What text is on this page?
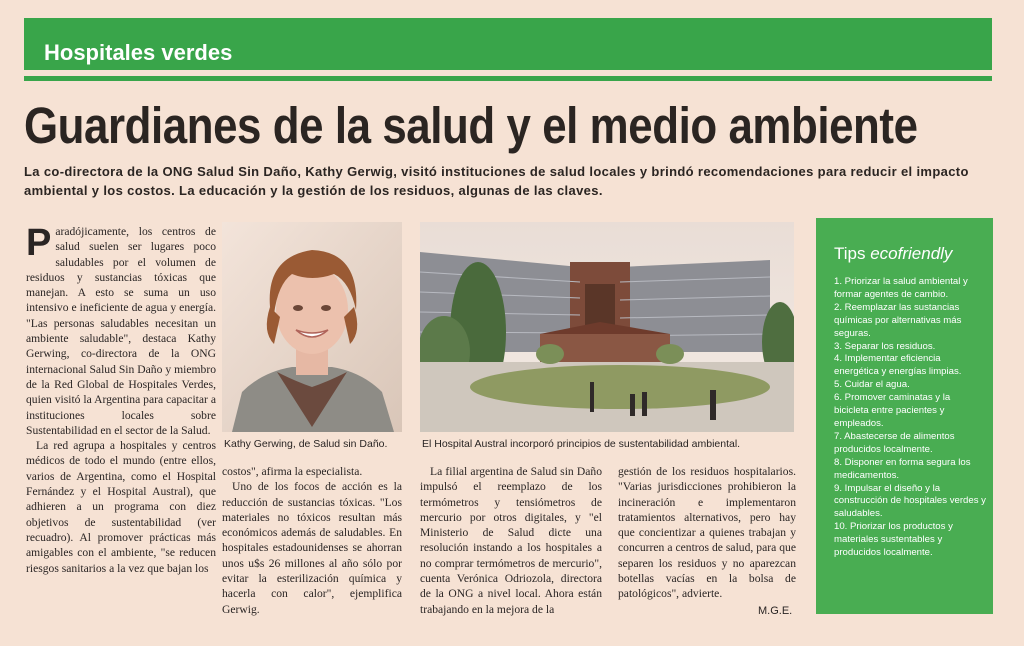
Hospitales verdes
Guardianes de la salud y el medio ambiente
La co-directora de la ONG Salud Sin Daño, Kathy Gerwig, visitó instituciones de salud locales y brindó recomendaciones para reducir el impacto ambiental y los costos. La educación y la gestión de los residuos, algunas de las claves.

Paradójicamente, los centros de salud suelen ser lugares poco saludables por el volumen de residuos y sustancias tóxicas que manejan. A esto se suma un uso intensivo e ineficiente de agua y energía. "Las personas saludables necesitan un ambiente saludable", destaca Kathy Gerwing, co-directora de la ONG internacional Salud Sin Daño y miembro de la Red Global de Hospitales Verdes, quien visitó la Argentina para capacitar a instituciones locales sobre Sustentabilidad en el sector de la Salud.

La red agrupa a hospitales y centros médicos de todo el mundo (entre ellos, varios de Argentina, como el Hospital Fernández y el Hospital Austral), que adhieren a un programa con diez objetivos de sustentabilidad (ver recuadro). Al promover prácticas más amigables con el ambiente, "se reducen riesgos sanitarios a la vez que bajan los

Kathy Gerwing, de Salud sin Daño.	El Hospital Austral incorporó principios de sustentabilidad ambiental.

costos", afirma la especialista.

Uno de los focos de acción es la reducción de sustancias tóxicas. "Los materiales no tóxicos resultan más económicos además de saludables. En hospitales estadounidenses se ahorran unos u$s 26 millones al año sólo por evitar la esterilización química y hacerla con calor", ejemplifica Gerwig.

La filial argentina de Salud sin Daño impulsó el reemplazo de los termómetros y tensiómetros de mercurio por otros digitales, y "el Ministerio de Salud dicte una resolución instando a los hospitales a no comprar termómetros de mercurio", cuenta Verónica Odriozola, directora de la ONG a nivel local. Ahora están trabajando en la mejora de la

gestión de los residuos hospitalarios. "Varias jurisdicciones prohibieron la incineración e implementaron tratamientos alternativos, pero hay que concientizar a quienes trabajan y concurren a centros de salud, para que separen los residuos y no aparezcan botellas vacías en la bolsa de patológicos", advierte.

M.G.E.
Tips ecofriendly
1. Priorizar la salud ambiental y formar agentes de cambio.
2. Reemplazar las sustancias químicas por alternativas más seguras.
3. Separar los residuos.
4. Implementar eficiencia energética y energías limpias.
5. Cuidar el agua.
6. Promover caminatas y la bicicleta entre pacientes y empleados.
7. Abastecerse de alimentos producidos localmente.
8. Disponer en forma segura los medicamentos.
9. Impulsar el diseño y la construcción de hospitales verdes y saludables.
10. Priorizar los productos y materiales sustentables y producidos localmente.
